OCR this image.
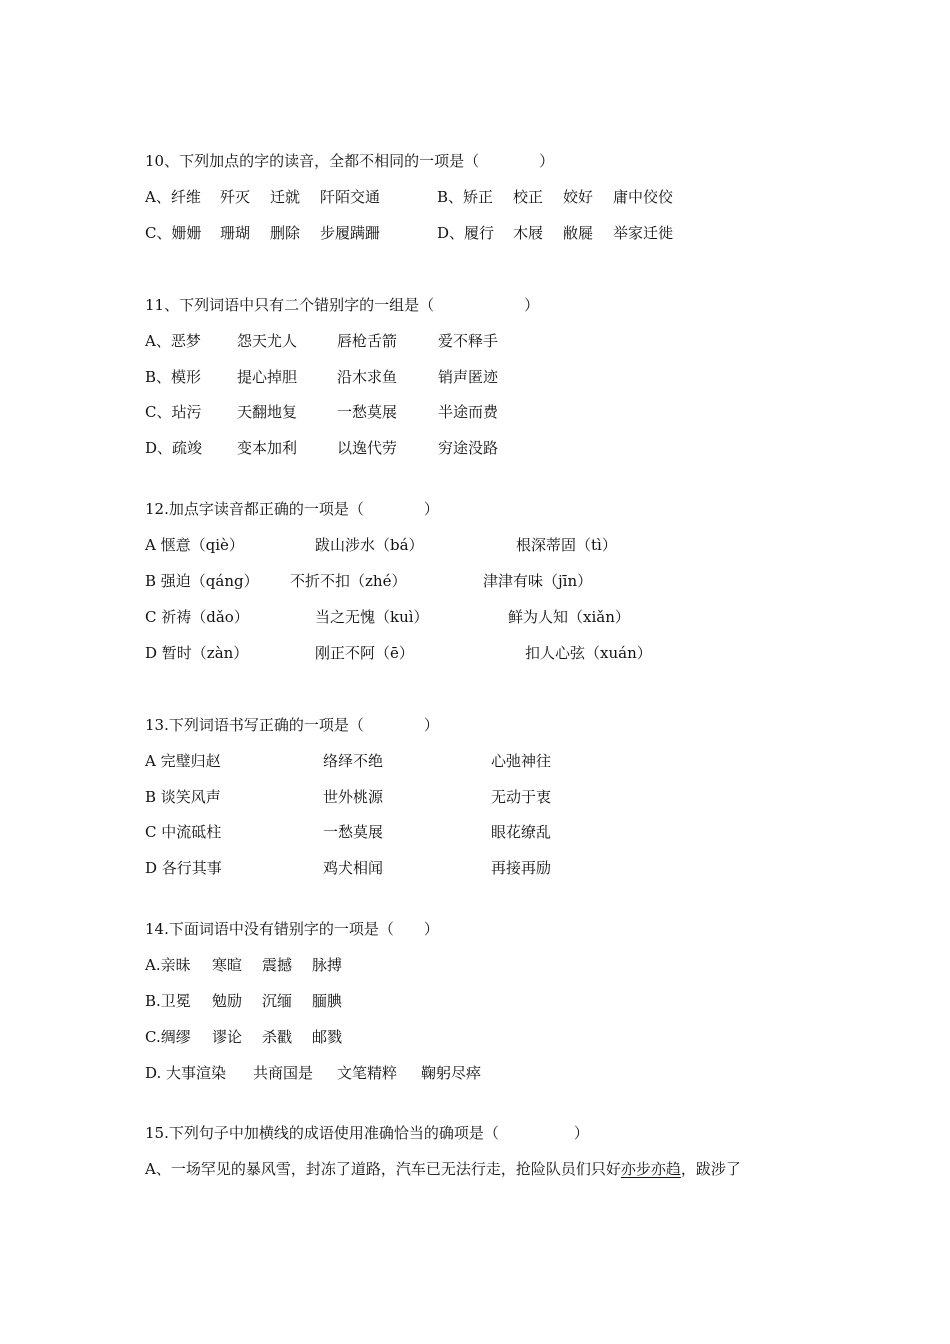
10、下列加点的字的读音，全都不相同的一项是（　　　　）
A、纤维 歼灭 迁就 阡陌交通	B、矫正 校正 姣好 庸中佼佼
C、姗姗 珊瑚 删除 步履蹒跚	D、履行 木屐 敝屣 举家迁徙
11、下列词语中只有二个错别字的一组是（　　　　　　）
A、恶梦 怨天尤人	唇枪舌箭	爱不释手
B、模形 提心掉胆	沿木求鱼	销声匿迹
C、玷污 天翻地复	一愁莫展	半途而费
D、疏竣 变本加利	以逸代劳	穷途没路
12.加点字读音都正确的一项是（　　　　）
A 惬意（qiè）	跋山涉水（bá）	根深蒂固（tì）
B 强迫（qáng） 不折不扣（zhé）	津津有味（jīn）
C 祈祷（dǎo）	当之无愧（kuì）	鲜为人知（xiǎn）
D 暂时（zàn）	刚正不阿（ē）	扣人心弦（xuán）
13.下列词语书写正确的一项是（　　　　）
A 完璧归赵	络绎不绝	心弛神往
B 谈笑风声	世外桃源	无动于衷
C 中流砥柱	一愁莫展	眼花缭乱
D 各行其事	鸡犬相闻	再接再励
14.下面词语中没有错别字的一项是（　　）
A.亲昧 寒暄 震撼 脉搏
B.卫冕 勉励 沉缅 腼腆
C.绸缪 谬论 杀戳 邮戮
D. 大事渲染 共商国是 文笔精粹 鞠躬尽瘁
15.下列句子中加横线的成语使用准确恰当的确项是（　　　　　）
A、一场罕见的暴风雪，封冻了道路，汽车已无法行走，抢险队员们只好亦步亦趋，跋涉了
